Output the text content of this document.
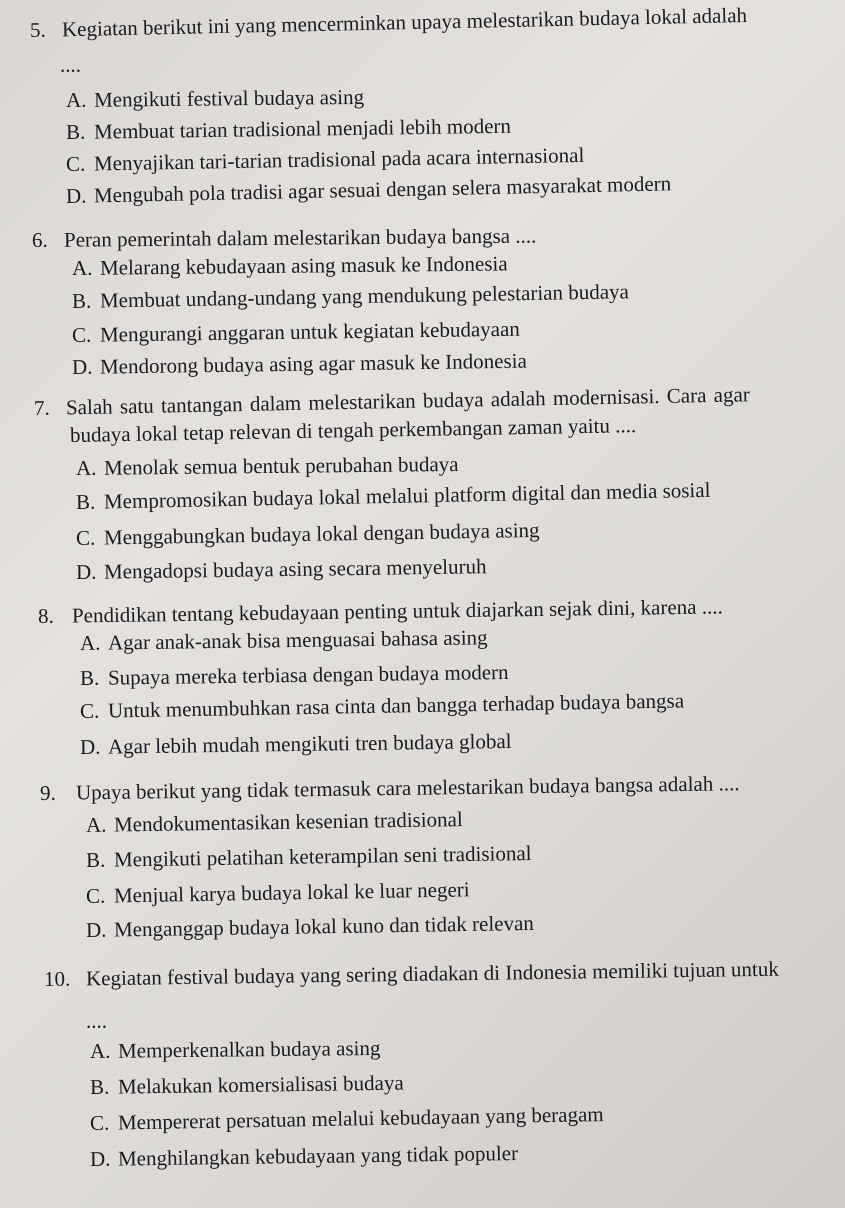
5. Kegiatan berikut ini yang mencerminkan upaya melestarikan budaya lokal adalah
....
A. Mengikuti festival budaya asing
B. Membuat tarian tradisional menjadi lebih modern
C. Menyajikan tari-tarian tradisional pada acara internasional
D. Mengubah pola tradisi agar sesuai dengan selera masyarakat modern
6. Peran pemerintah dalam melestarikan budaya bangsa ....
A. Melarang kebudayaan asing masuk ke Indonesia
B. Membuat undang-undang yang mendukung pelestarian budaya
C. Mengurangi anggaran untuk kegiatan kebudayaan
D. Mendorong budaya asing agar masuk ke Indonesia
7. Salah satu tantangan dalam melestarikan budaya adalah modernisasi. Cara agar
budaya lokal tetap relevan di tengah perkembangan zaman yaitu ....
A. Menolak semua bentuk perubahan budaya
B. Mempromosikan budaya lokal melalui platform digital dan media sosial
C. Menggabungkan budaya lokal dengan budaya asing
D. Mengadopsi budaya asing secara menyeluruh
8. Pendidikan tentang kebudayaan penting untuk diajarkan sejak dini, karena ....
A. Agar anak-anak bisa menguasai bahasa asing
B. Supaya mereka terbiasa dengan budaya modern
C. Untuk menumbuhkan rasa cinta dan bangga terhadap budaya bangsa
D. Agar lebih mudah mengikuti tren budaya global
9. Upaya berikut yang tidak termasuk cara melestarikan budaya bangsa adalah ....
A. Mendokumentasikan kesenian tradisional
B. Mengikuti pelatihan keterampilan seni tradisional
C. Menjual karya budaya lokal ke luar negeri
D. Menganggap budaya lokal kuno dan tidak relevan
10. Kegiatan festival budaya yang sering diadakan di Indonesia memiliki tujuan untuk
....
A. Memperkenalkan budaya asing
B. Melakukan komersialisasi budaya
C. Mempererat persatuan melalui kebudayaan yang beragam
D. Menghilangkan kebudayaan yang tidak populer
